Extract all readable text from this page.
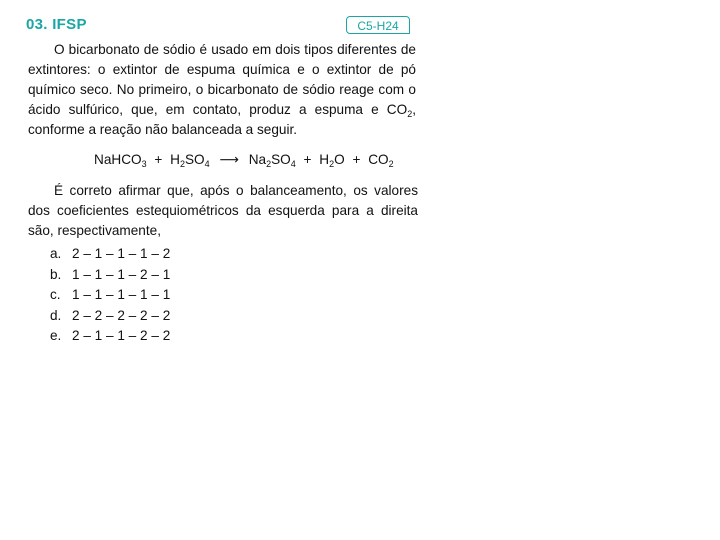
03. IFSP	C5-H24

O bicarbonato de sódio é usado em dois tipos diferentes de extintores: o extintor de espuma química e o extintor de pó químico seco. No primeiro, o bicarbonato de sódio reage com o ácido sulfúrico, que, em contato, produz a espuma e $CO_2$, conforme a reação não balanceada a seguir.

NaHCO$_3$ + $H_2SO_4$ ⟶ $Na_2SO_4 + H_2O + CO_2$

É correto afirmar que, após o balanceamento, os valores dos coeficientes estequiométricos da esquerda para a direita são, respectivamente,

a. 2 – 1 – 1 – 1 – 2
b. 1 – 1 – 1 – 2 – 1
c. 1 – 1 – 1 – 1 – 1
d. 2 – 2 – 2 – 2 – 2
e. 2 – 1 – 1 – 2 – 2
